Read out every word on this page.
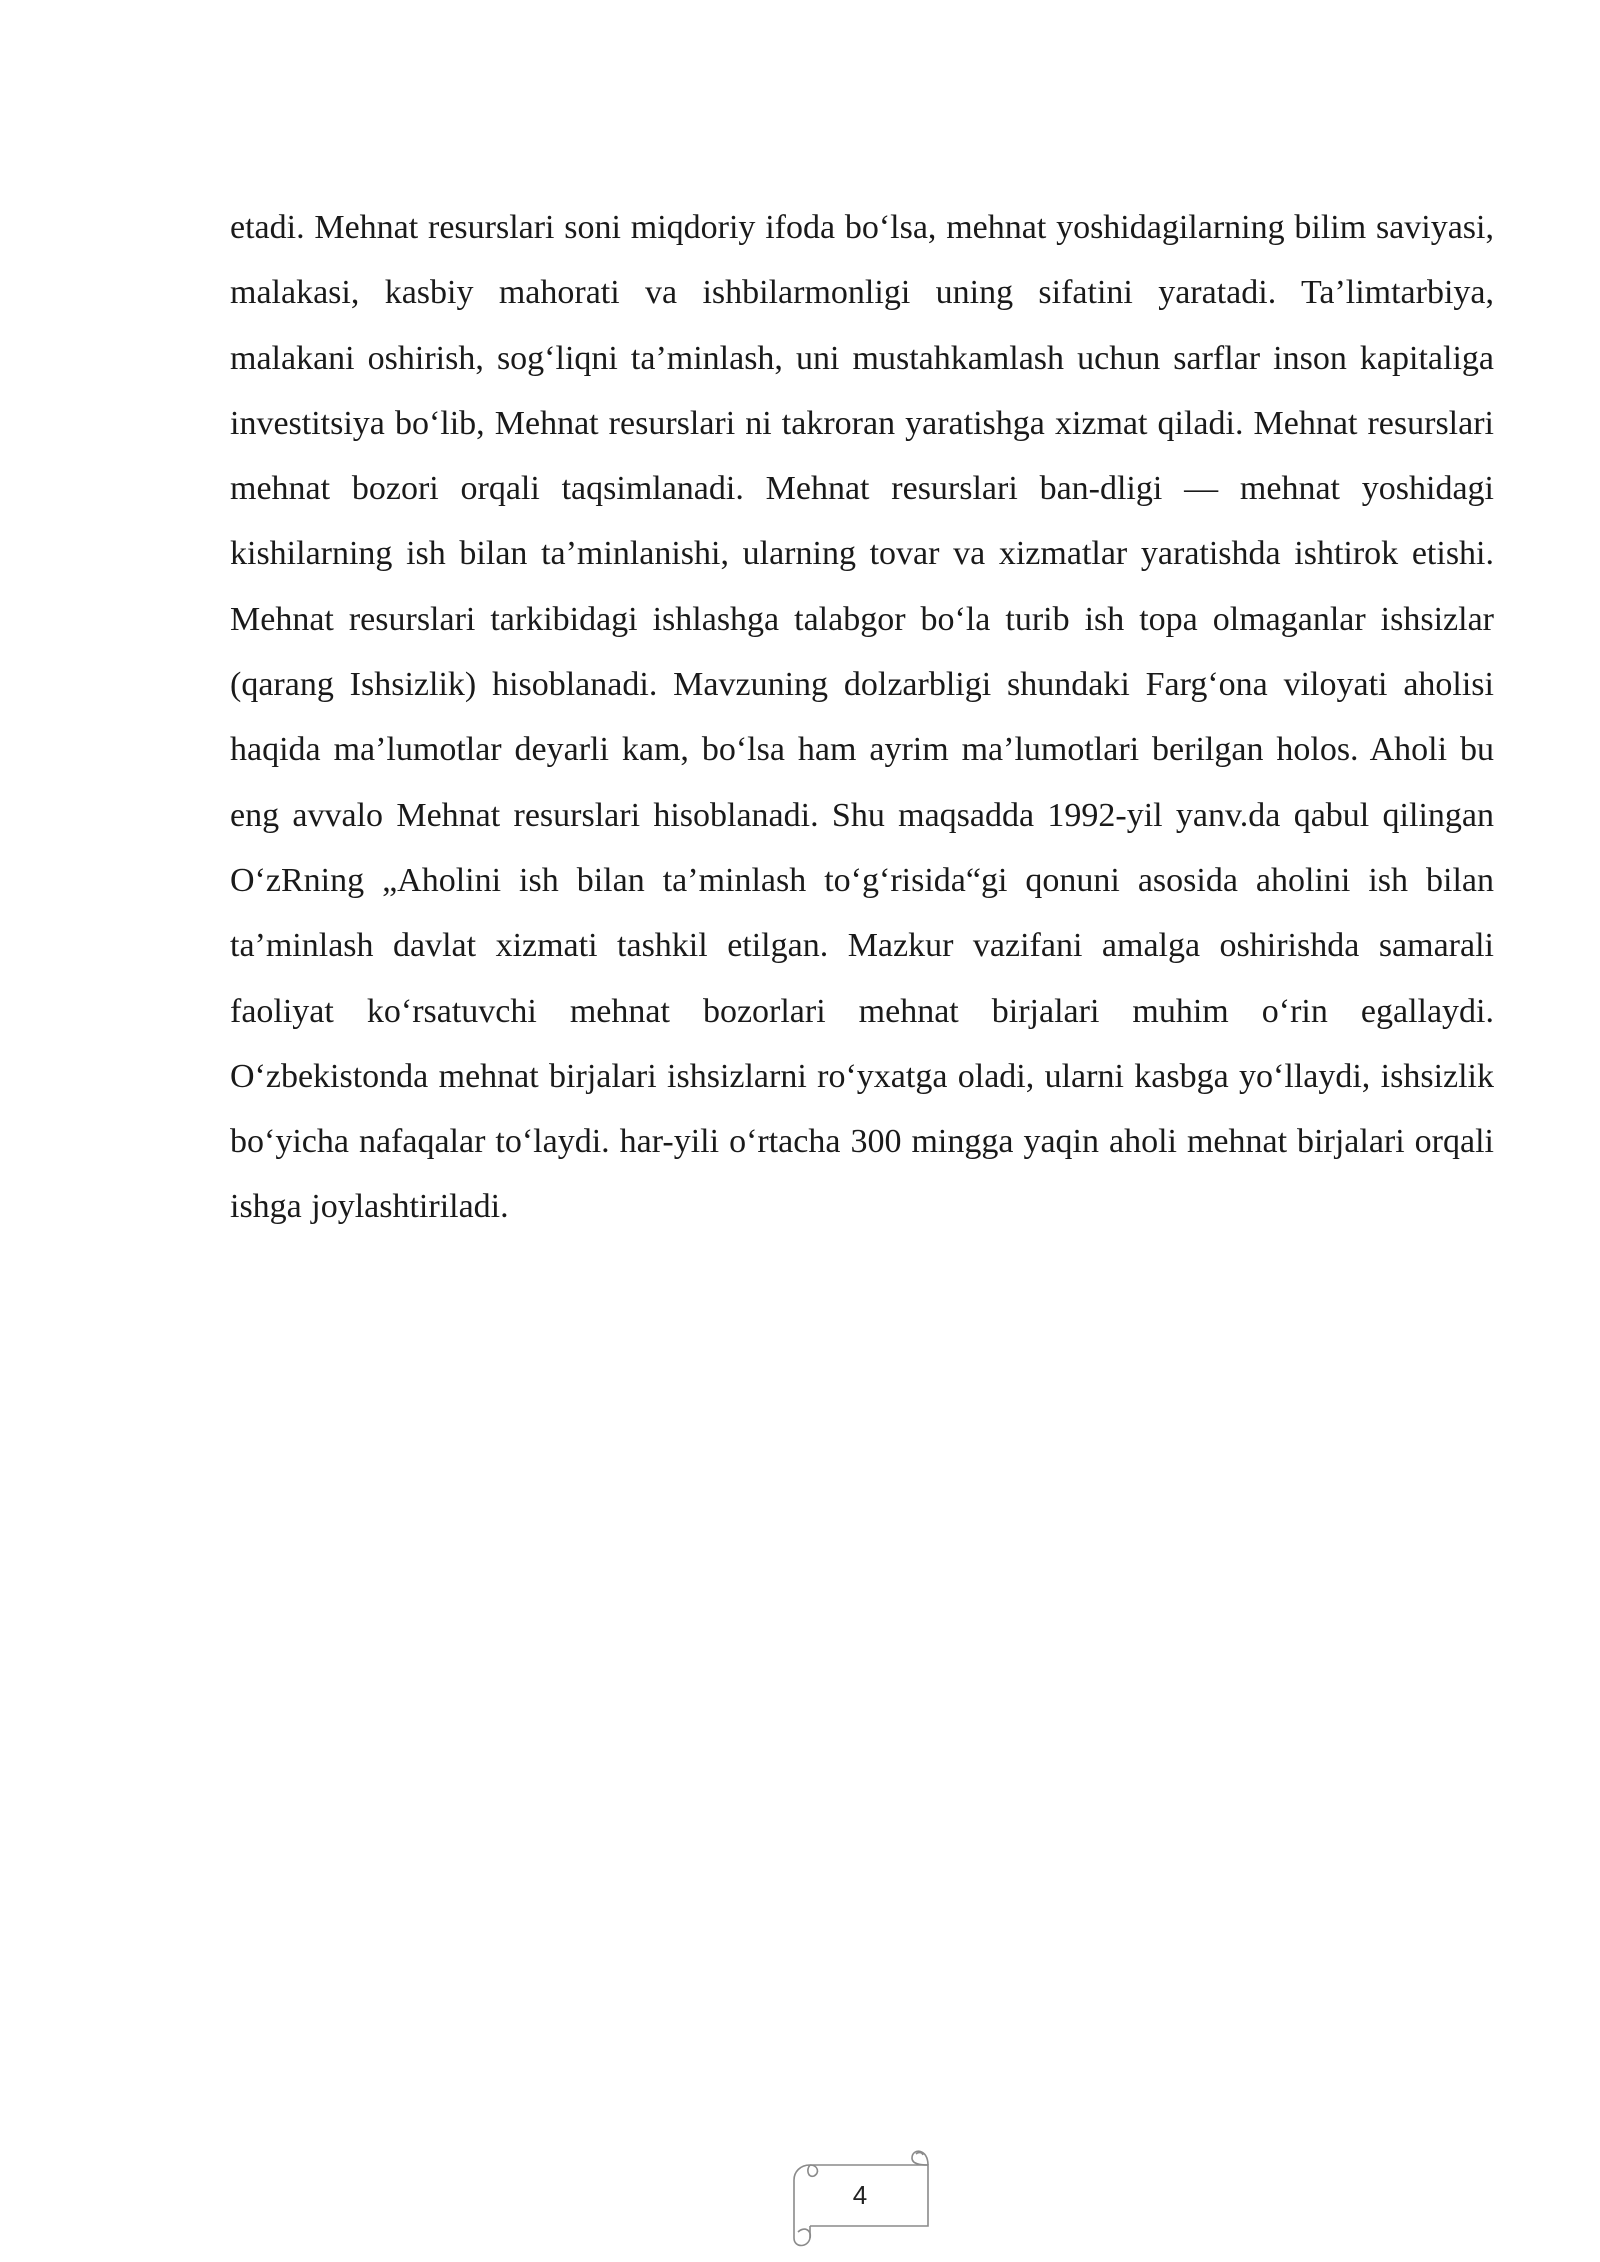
etadi. Mehnat resurslari soni miqdoriy ifoda bo‘lsa, mehnat yoshidagilarning bilim saviyasi, malakasi, kasbiy mahorati va ishbilarmonligi uning sifatini yaratadi. Ta’limtarbiya, malakani oshirish, sog‘liqni ta’minlash, uni mustahkamlash uchun sarflar inson kapitaliga investitsiya bo‘lib, Mehnat resurslari ni takroran yaratishga xizmat qiladi. Mehnat resurslari mehnat bozori orqali taqsimlanadi. Mehnat resurslari ban-dligi — mehnat yoshidagi kishilarning ish bilan ta’minlanishi, ularning tovar va xizmatlar yaratishda ishtirok etishi. Mehnat resurslari tarkibidagi ishlashga talabgor bo‘la turib ish topa olmaganlar ishsizlar (qarang Ishsizlik) hisoblanadi. Mavzuning dolzarbligi shundaki Farg‘ona viloyati aholisi haqida ma’lumotlar deyarli kam, bo‘lsa ham ayrim ma’lumotlari berilgan holos. Aholi bu eng avvalo Mehnat resurslari hisoblanadi. Shu maqsadda 1992-yil yanv.da qabul qilingan O‘zRning „Aholini ish bilan ta’minlash to‘g‘risida“gi qonuni asosida aholini ish bilan ta’minlash davlat xizmati tashkil etilgan. Mazkur vazifani amalga oshirishda samarali faoliyat ko‘rsatuvchi mehnat bozorlari mehnat birjalari muhim o‘rin egallaydi. O‘zbekistonda mehnat birjalari ishsizlarni ro‘yxatga oladi, ularni kasbga yo‘llaydi, ishsizlik bo‘yicha nafaqalar to‘laydi. har-yili o‘rtacha 300 mingga yaqin aholi mehnat birjalari orqali ishga joylashtiriladi.

4
